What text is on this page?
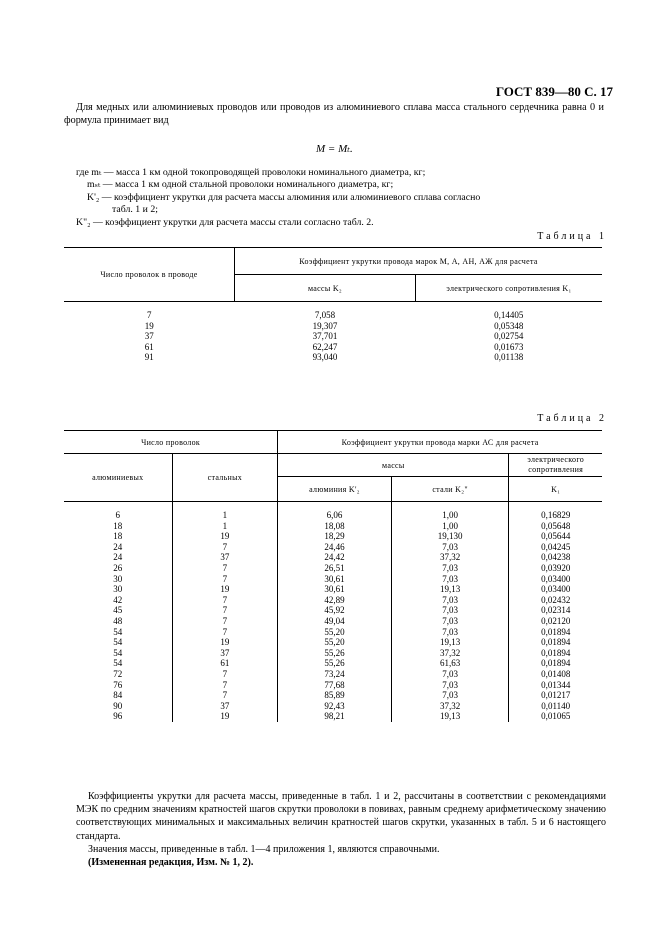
ГОСТ 839—80 С. 17
Для медных или алюминиевых проводов или проводов из алюминиевого сплава масса стального сердечника равна 0 и формула принимает вид
M = Mₜ.
где mₜ — масса 1 км одной токопроводящей проволоки номинального диаметра, кг;
mₛₜ — масса 1 км одной стальной проволоки номинального диаметра, кг;
K'₂ — коэффициент укрутки для расчета массы алюминия или алюминиевого сплава согласно
табл. 1 и 2;
K"₂ — коэффициент укрутки для расчета массы стали согласно табл. 2.
Таблица 1
Число проволок в проводе	Коэффициент укрутки провода марок М, А, АН, АЖ для расчета	
	массы K₂	электрического сопротивления K₁
7	7,058	0,14405
19	19,307	0,05348
37	37,701	0,02754
61	62,247	0,01673
91	93,040	0,01138
Таблица 2
Число проволок		Коэффициент укрутки провода марки АС для расчета		
алюминиевых	стальных	массы		электрического сопротивления
		алюминия K'₂	стали K₂"	K₁
6	1	6,06	1,00	0,16829
18	1	18,08	1,00	0,05648
18	19	18,29	19,130	0,05644
24	7	24,46	7,03	0,04245
24	37	24,42	37,32	0,04238
26	7	26,51	7,03	0,03920
30	7	30,61	7,03	0,03400
30	19	30,61	19,13	0,03400
42	7	42,89	7,03	0,02432
45	7	45,92	7,03	0,02314
48	7	49,04	7,03	0,02120
54	7	55,20	7,03	0,01894
54	19	55,20	19,13	0,01894
54	37	55,26	37,32	0,01894
54	61	55,26	61,63	0,01894
72	7	73,24	7,03	0,01408
76	7	77,68	7,03	0,01344
84	7	85,89	7,03	0,01217
90	37	92,43	37,32	0,01140
96	19	98,21	19,13	0,01065
Коэффициенты укрутки для расчета массы, приведенные в табл. 1 и 2, рассчитаны в соответствии с рекомендациями МЭК по средним значениям кратностей шагов скрутки проволоки в повивах, равным среднему арифметическому значению соответствующих минимальных и максимальных величин кратностей шагов скрутки, указанных в табл. 5 и 6 настоящего стандарта.
Значения массы, приведенные в табл. 1—4 приложения 1, являются справочными.
(Измененная редакция, Изм. № 1, 2).
